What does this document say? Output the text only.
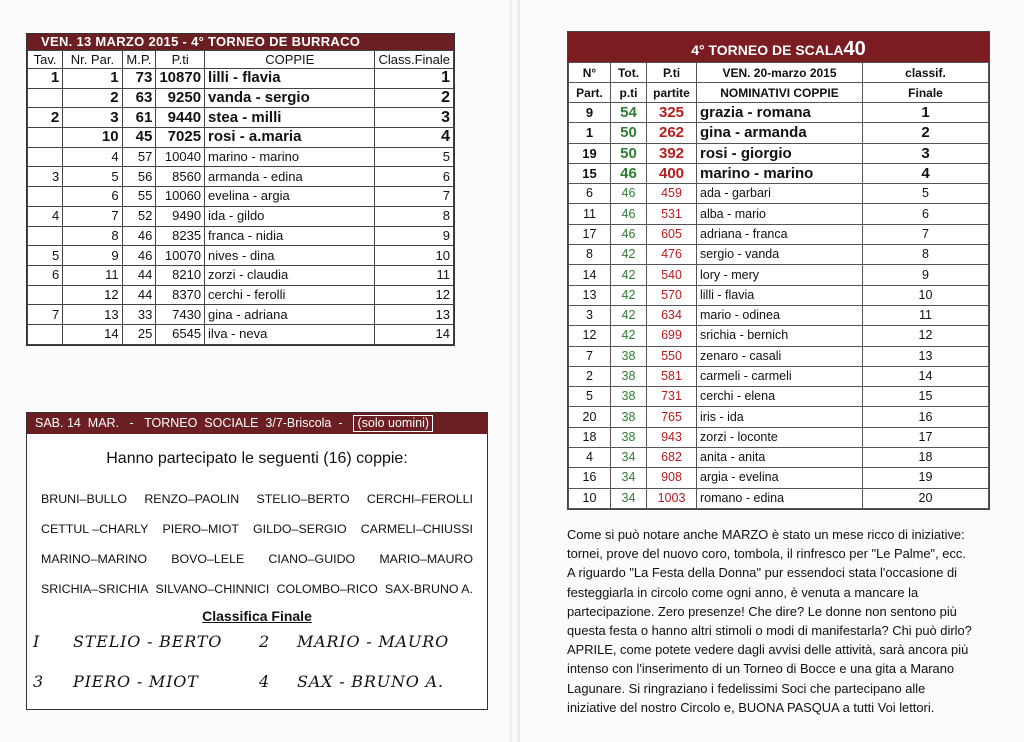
VEN. 13 MARZO 2015 - 4° TORNEO DE BURRACO
Tav.	Nr. Par.	M.P.	P.ti	COPPIE	Class.Finale
1	1	73	10870	lilli - flavia	1
	2	63	9250	vanda - sergio	2
2	3	61	9440	stea - milli	3
	10	45	7025	rosi - a.maria	4
	4	57	10040	marino - marino	5
3	5	56	8560	armanda - edina	6
	6	55	10060	evelina - argia	7
4	7	52	9490	ida - gildo	8
	8	46	8235	franca - nidia	9
5	9	46	10070	nives - dina	10
6	11	44	8210	zorzi - claudia	11
	12	44	8370	cerchi - ferolli	12
7	13	33	7430	gina - adriana	13
	14	25	6545	ilva - neva	14
SAB. 14  MAR. - TORNEO  SOCIALE  3/7-Briscola - (solo uomini)
Hanno partecipato le seguenti (16) coppie:
BRUNI–BULLO RENZO–PAOLIN STELIO–BERTO CERCHI–FEROLLI
CETTUL –CHARLY PIERO–MIOT GILDO–SERGIO CARMELI–CHIUSSI
MARINO–MARINO BOVO–LELE CIANO–GUIDO MARIO–MAURO
SRICHIA–SRICHIA SILVANO–CHINNICI COLOMBO–RICO SAX-BRUNO A.
Classifica Finale
I STELIO - BERTO 2 MARIO - MAURO
3 PIERO - MIOT	4 SAX - BRUNO A.
4° TORNEO DE SCALA40
N°	Tot.	P.ti	VEN. 20-marzo 2015	classif.
Part.	p.ti	partite	NOMINATIVI COPPIE	Finale
9	54	325	grazia - romana	1
1	50	262	gina - armanda	2
19	50	392	rosi - giorgio	3
15	46	400	marino - marino	4
6	46	459	ada - garbari	5
11	46	531	alba - mario	6
17	46	605	adriana - franca	7
8	42	476	sergio - vanda	8
14	42	540	lory - mery	9
13	42	570	lilli - flavia	10
3	42	634	mario - odinea	11
12	42	699	srichia - bernich	12
7	38	550	zenaro - casali	13
2	38	581	carmeli - carmeli	14
5	38	731	cerchi - elena	15
20	38	765	iris - ida	16
18	38	943	zorzi - loconte	17
4	34	682	anita - anita	18
16	34	908	argia - evelina	19
10	34	1003	romano - edina	20
Come si può notare anche MARZO è stato un mese ricco di iniziative:
tornei, prove del nuovo coro, tombola, il rinfresco per "Le Palme", ecc.
A riguardo "La Festa della Donna" pur essendoci stata l'occasione di
festeggiarla in circolo come ogni anno, è venuta a mancare la
partecipazione. Zero presenze! Che dire? Le donne non sentono più
questa festa o hanno altri stimoli o modi di manifestarla? Chi può dirlo?
APRILE, come potete vedere dagli avvisi delle attività, sarà ancora più
intenso con l'inserimento di un Torneo di Bocce e una gita a Marano
Lagunare. Si ringraziano i fedelissimi Soci che partecipano alle
iniziative del nostro Circolo e, BUONA PASQUA a tutti Voi lettori.
